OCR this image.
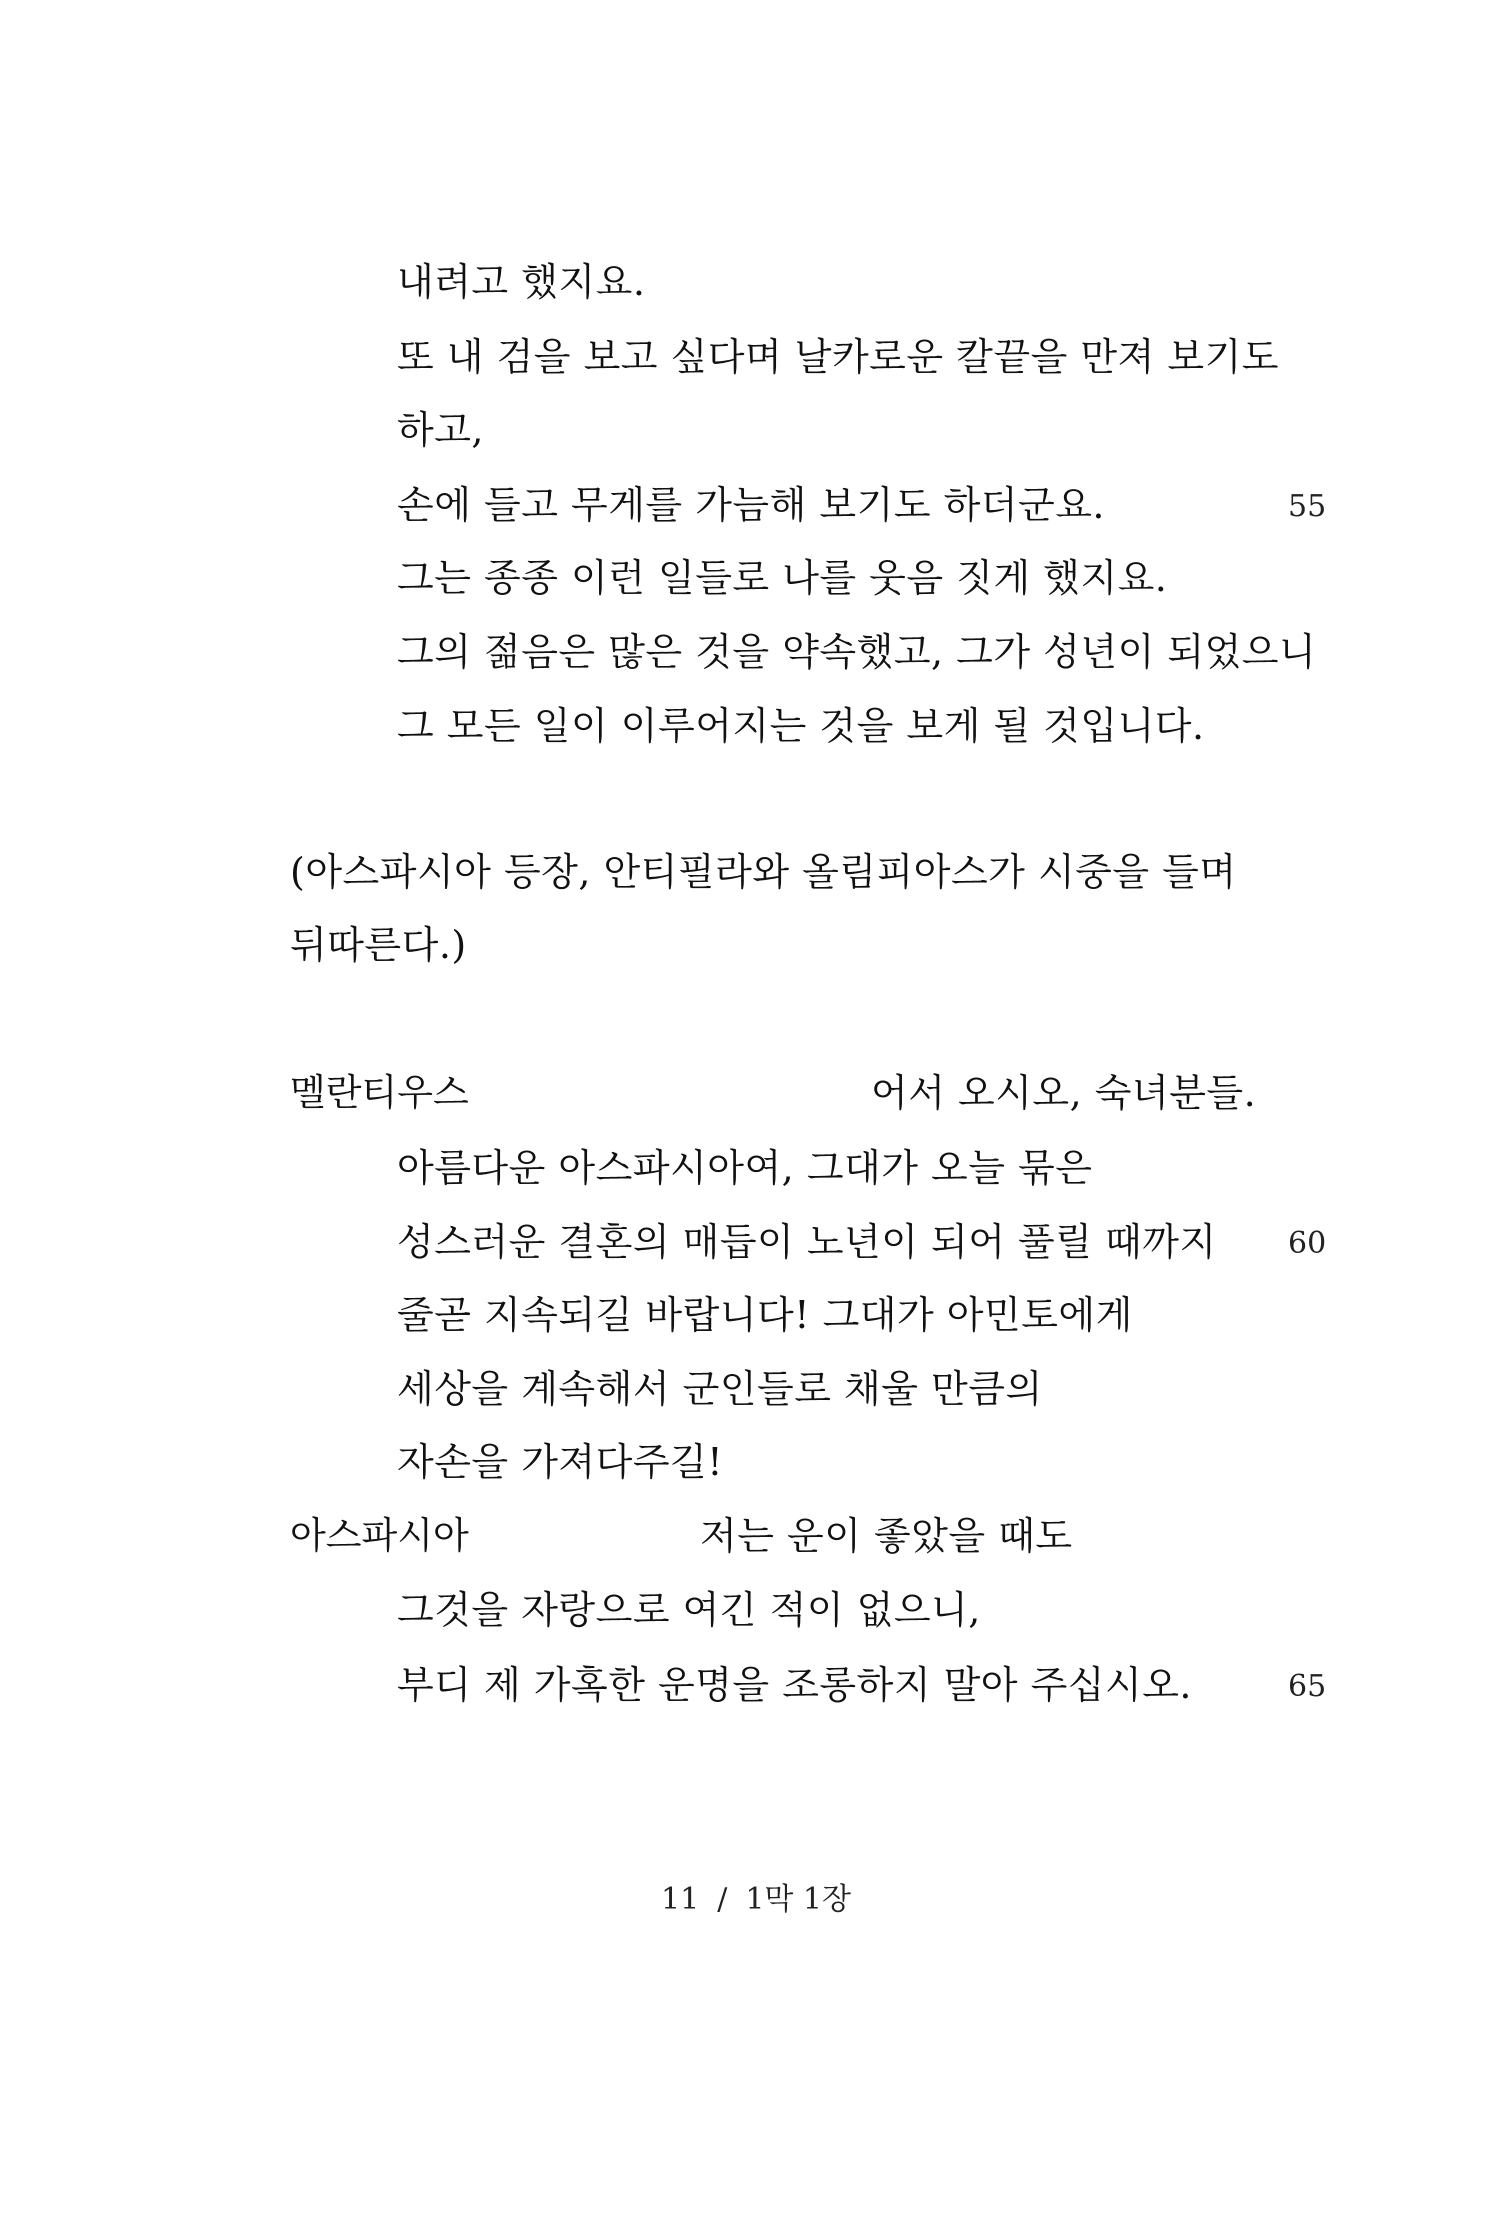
내려고 했지요.
또 내 검을 보고 싶다며 날카로운 칼끝을 만져 보기도
하고,
손에 들고 무게를 가늠해 보기도 하더군요.	55
그는 종종 이런 일들로 나를 웃음 짓게 했지요.
그의 젊음은 많은 것을 약속했고, 그가 성년이 되었으니
그 모든 일이 이루어지는 것을 보게 될 것입니다.
(아스파시아 등장, 안티필라와 올림피아스가 시중을 들며
뒤따른다.)
멜란티우스	어서 오시오, 숙녀분들.
아름다운 아스파시아여, 그대가 오늘 묶은
성스러운 결혼의 매듭이 노년이 되어 풀릴 때까지 60
줄곧 지속되길 바랍니다! 그대가 아민토에게
세상을 계속해서 군인들로 채울 만큼의
자손을 가져다주길!
아스파시아	저는 운이 좋았을 때도
그것을 자랑으로 여긴 적이 없으니,
부디 제 가혹한 운명을 조롱하지 말아 주십시오.	65
11 / 1막 1장
